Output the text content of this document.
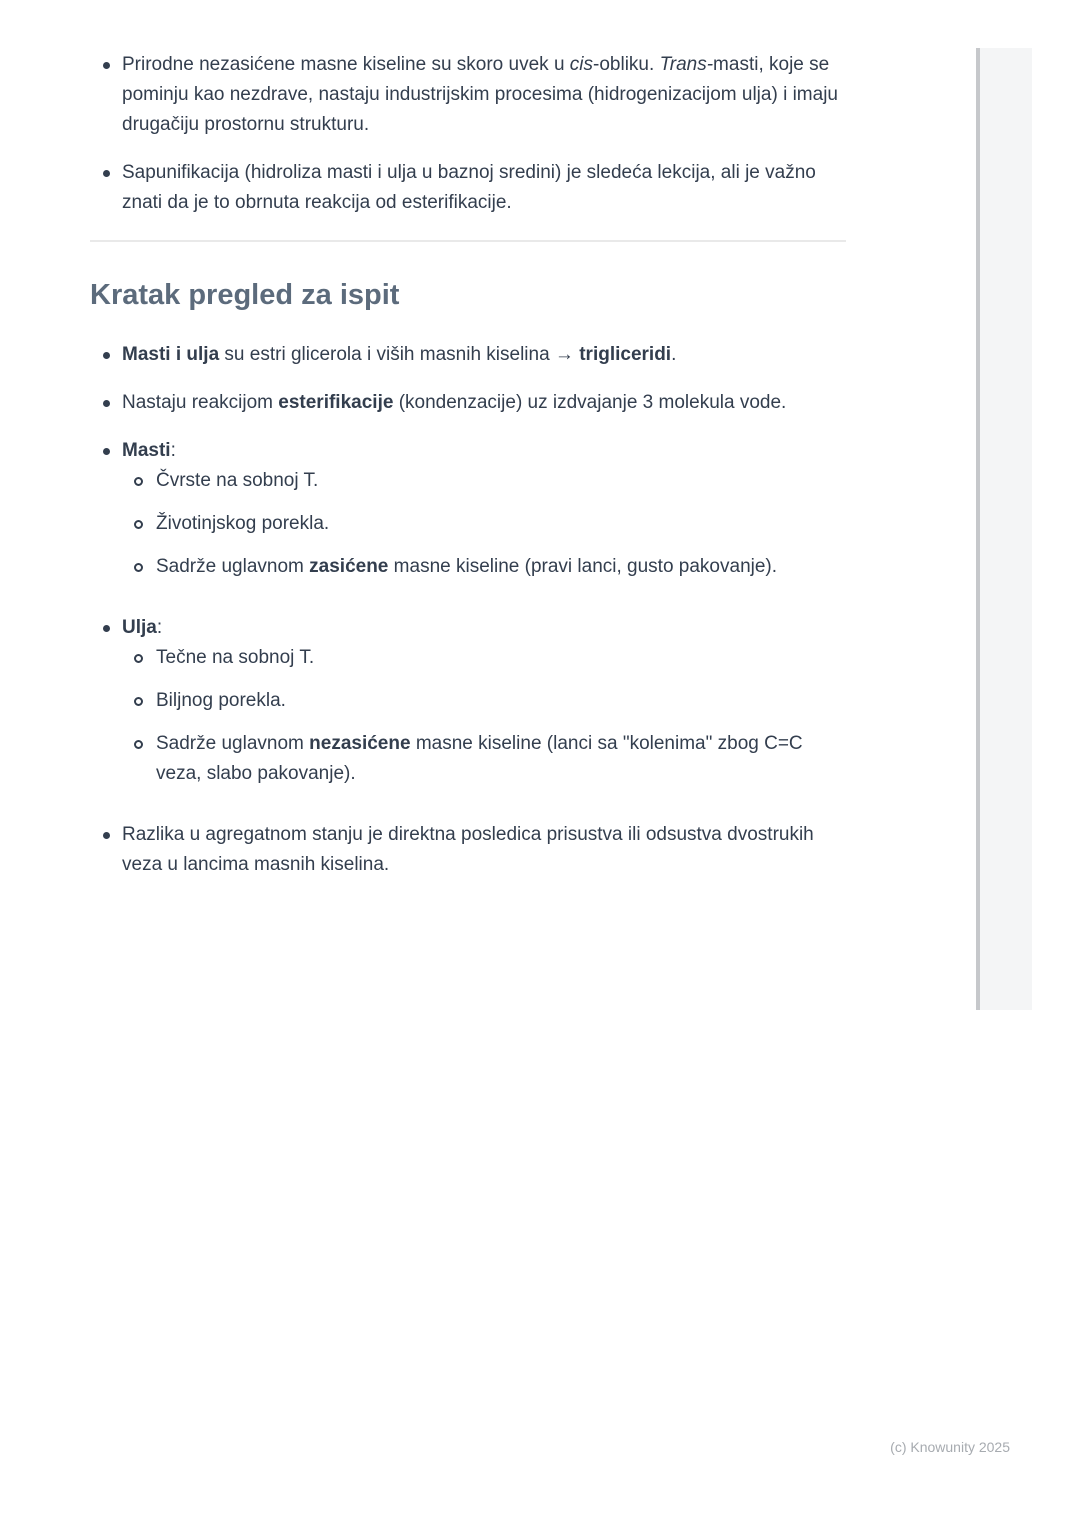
Prirodne nezasićene masne kiseline su skoro uvek u cis-obliku. Trans-masti, koje se pominju kao nezdrave, nastaju industrijskim procesima (hidrogenizacijom ulja) i imaju drugačiju prostornu strukturu.
Sapunifikacija (hidroliza masti i ulja u baznoj sredini) je sledeća lekcija, ali je važno znati da je to obrnuta reakcija od esterifikacije.
Kratak pregled za ispit
Masti i ulja su estri glicerola i viših masnih kiselina → trigliceridi.
Nastaju reakcijom esterifikacije (kondenzacije) uz izdvajanje 3 molekula vode.
Masti:
Čvrste na sobnoj T.
Životinjskog porekla.
Sadrže uglavnom zasićene masne kiseline (pravi lanci, gusto pakovanje).
Ulja:
Tečne na sobnoj T.
Biljnog porekla.
Sadrže uglavnom nezasićene masne kiseline (lanci sa "kolenima" zbog C=C veza, slabo pakovanje).
Razlika u agregatnom stanju je direktna posledica prisustva ili odsustva dvostrukih veza u lancima masnih kiselina.
(c) Knowunity 2025
